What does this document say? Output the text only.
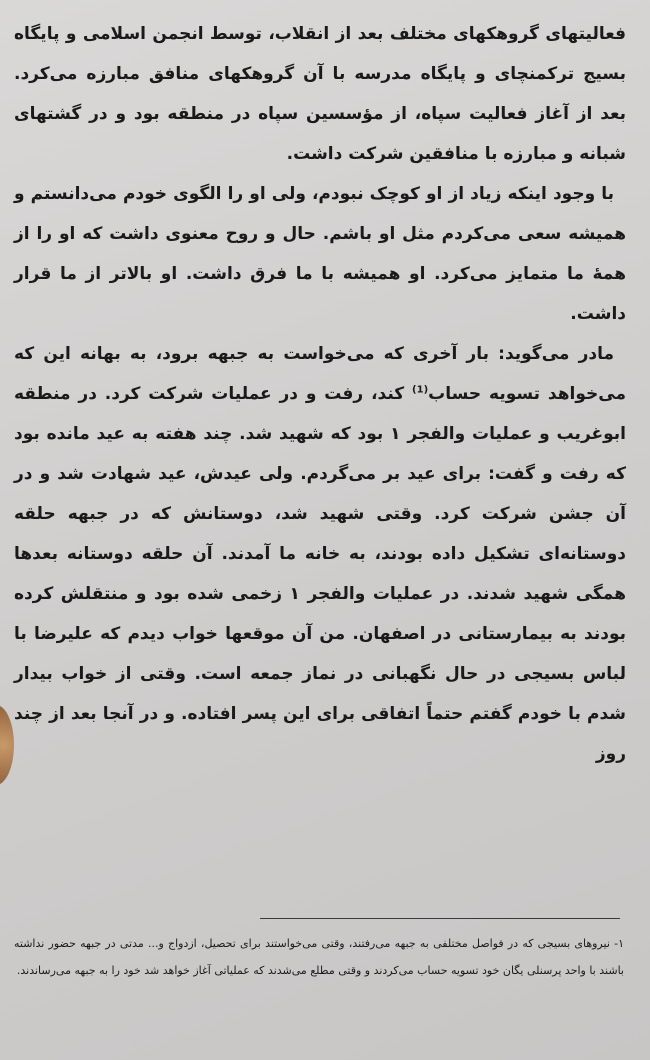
فعالیتهای گروهکهای مختلف بعد از انقلاب، توسط انجمن اسلامی و پایگاه بسیج ترکمنچای و پایگاه مدرسه با آن گروهکهای منافق مبارزه می‌کرد. بعد از آغاز فعالیت سپاه، از مؤسسین سپاه در منطقه بود و در گشتهای شبانه و مبارزه با منافقین شرکت داشت.

با وجود اینکه زیاد از او کوچک نبودم، ولی او را الگوی خودم می‌دانستم و همیشه سعی می‌کردم مثل او باشم. حال و روح معنوی داشت که او را از همهٔ ما متمایز می‌کرد. او همیشه با ما فرق داشت. او بالاتر از ما قرار داشت.

مادر می‌گوید: بار آخری که می‌خواست به جبهه برود، به بهانه این که می‌خواهد تسویه حساب$^{(1)}$ کند، رفت و در عملیات شرکت کرد. در منطقه ابوغریب و عملیات والفجر ۱ بود که شهید شد. چند هفته به عید مانده بود که رفت و گفت: برای عید بر می‌گردم. ولی عیدش، عید شهادت شد و در آن جشن شرکت کرد. وقتی شهید شد، دوستانش که در جبهه حلقه دوستانه‌ای تشکیل داده بودند، به خانه ما آمدند. آن حلقه دوستانه بعدها همگی شهید شدند. در عملیات والفجر ۱ زخمی شده بود و منتقلش کرده بودند به بیمارستانی در اصفهان. من آن موقعها خواب دیدم که علیرضا با لباس بسیجی در حال نگهبانی در نماز جمعه است. وقتی از خواب بیدار شدم با خودم گفتم حتماً اتفاقی برای این پسر افتاده. و در آنجا بعد از چند روز

۱- نیروهای بسیجی که در فواصل مختلفی به جبهه می‌رفتند، وقتی می‌خواستند برای تحصیل، ازدواج و... مدتی در جبهه حضور نداشته باشند با واحد پرسنلی یگان خود تسویه حساب می‌کردند و وقتی مطلع می‌شدند که عملیاتی آغاز خواهد شد خود را به جبهه می‌رساندند.
